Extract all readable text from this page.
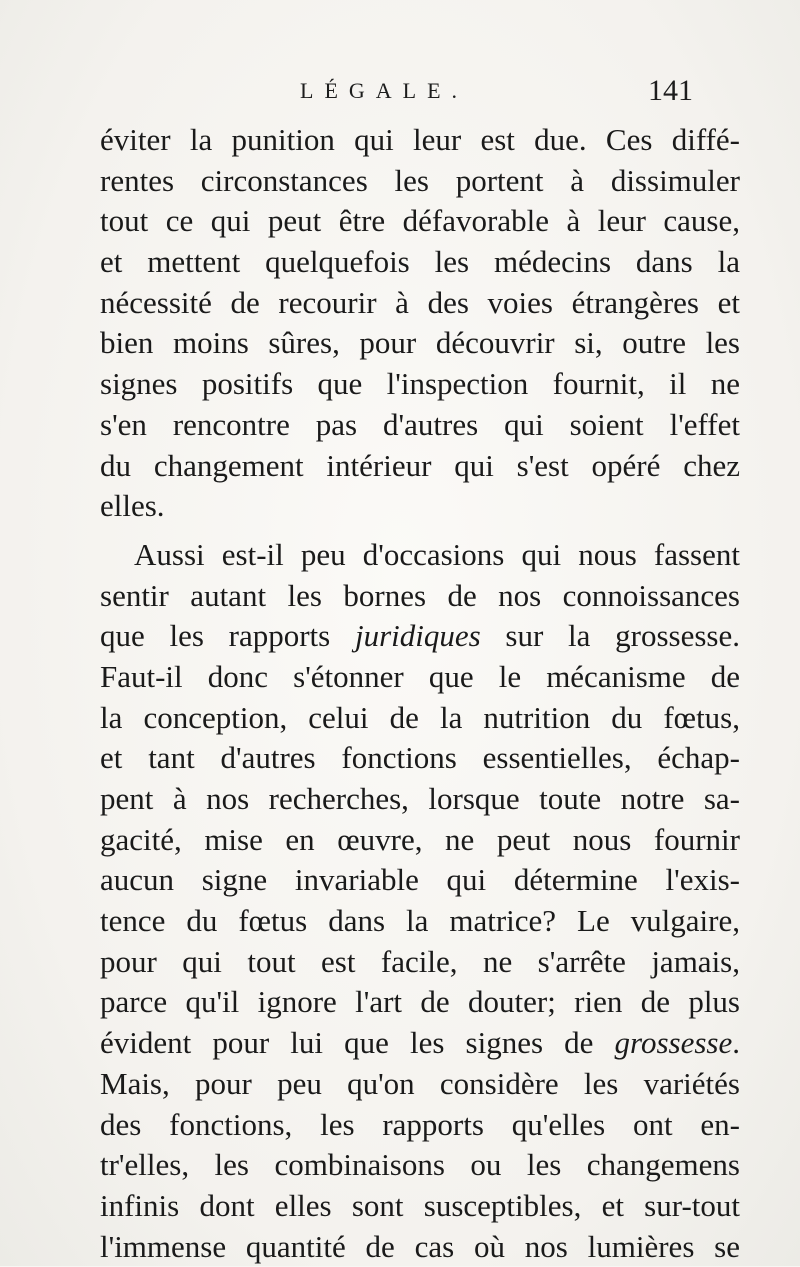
LÉGALE.	141
éviter la punition qui leur est due. Ces diffé-
rentes circonstances les portent à dissimuler
tout ce qui peut être défavorable à leur cause,
et mettent quelquefois les médecins dans la
nécessité de recourir à des voies étrangères et
bien moins sûres, pour découvrir si, outre les
signes positifs que l'inspection fournit, il ne
s'en rencontre pas d'autres qui soient l'effet
du changement intérieur qui s'est opéré chez
elles.
Aussi est-il peu d'occasions qui nous fassent
sentir autant les bornes de nos connoissances
que les rapports juridiques sur la grossesse.
Faut-il donc s'étonner que le mécanisme de
la conception, celui de la nutrition du fœtus,
et tant d'autres fonctions essentielles, échap-
pent à nos recherches, lorsque toute notre sa-
gacité, mise en œuvre, ne peut nous fournir
aucun signe invariable qui détermine l'exis-
tence du fœtus dans la matrice? Le vulgaire,
pour qui tout est facile, ne s'arrête jamais,
parce qu'il ignore l'art de douter; rien de plus
évident pour lui que les signes de grossesse.
Mais, pour peu qu'on considère les variétés
des fonctions, les rapports qu'elles ont en-
tr'elles, les combinaisons ou les changemens
infinis dont elles sont susceptibles, et sur-tout
l'immense quantité de cas où nos lumières se
